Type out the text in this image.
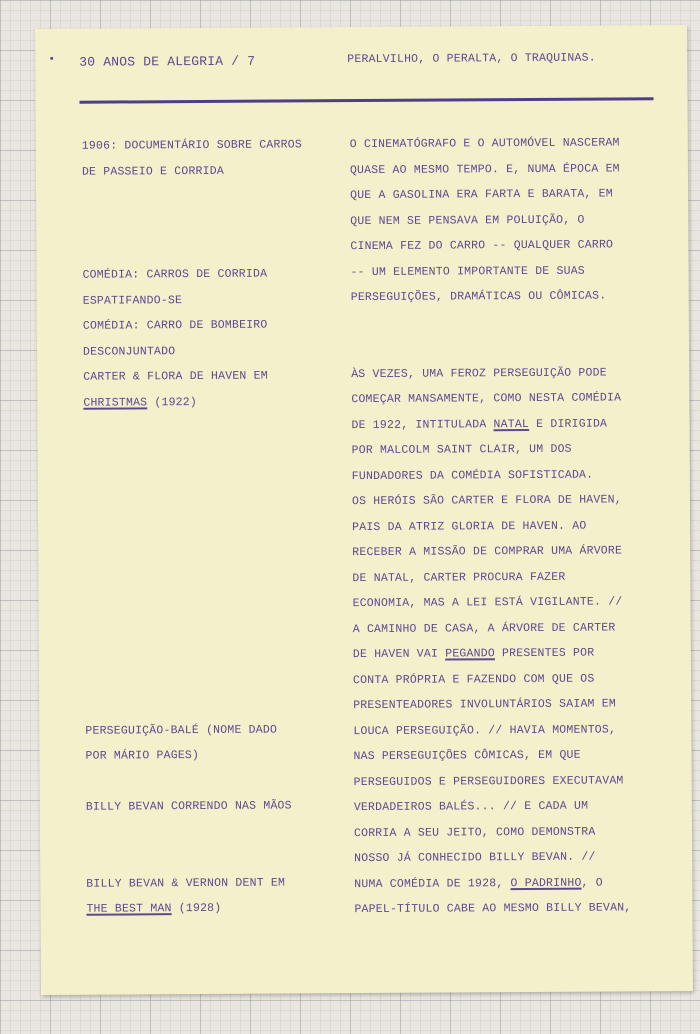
30 ANOS DE ALEGRIA / 7	PERALVILHO, O PERALTA, O TRAQUINAS.
1906: DOCUMENTÁRIO SOBRE CARROS
DE PASSEIO E CORRIDA
COMÉDIA: CARROS DE CORRIDA
ESPATIFANDO-SE
COMÉDIA: CARRO DE BOMBEIRO
DESCONJUNTADO
CARTER & FLORA DE HAVEN EM
CHRISTMAS (1922)
PERSEGUIÇÃO-BALÉ (NOME DADO
POR MÁRIO PAGES)
BILLY BEVAN CORRENDO NAS MÃOS
BILLY BEVAN & VERNON DENT EM
THE BEST MAN (1928)
O CINEMATÓGRAFO E O AUTOMÓVEL NASCERAM
QUASE AO MESMO TEMPO. E, NUMA ÉPOCA EM
QUE A GASOLINA ERA FARTA E BARATA, EM
QUE NEM SE PENSAVA EM POLUIÇÃO, O
CINEMA FEZ DO CARRO -- QUALQUER CARRO
-- UM ELEMENTO IMPORTANTE DE SUAS
PERSEGUIÇÕES, DRAMÁTICAS OU CÔMICAS.
ÀS VEZES, UMA FEROZ PERSEGUIÇÃO PODE
COMEÇAR MANSAMENTE, COMO NESTA COMÉDIA
DE 1922, INTITULADA NATAL E DIRIGIDA
POR MALCOLM SAINT CLAIR, UM DOS
FUNDADORES DA COMÉDIA SOFISTICADA.
OS HERÓIS SÃO CARTER E FLORA DE HAVEN,
PAIS DA ATRIZ GLORIA DE HAVEN. AO
RECEBER A MISSÃO DE COMPRAR UMA ÁRVORE
DE NATAL, CARTER PROCURA FAZER
ECONOMIA, MAS A LEI ESTÁ VIGILANTE. //
A CAMINHO DE CASA, A ÁRVORE DE CARTER
DE HAVEN VAI PEGANDO PRESENTES POR
CONTA PRÓPRIA E FAZENDO COM QUE OS
PRESENTEADORES INVOLUNTÁRIOS SAIAM EM
LOUCA PERSEGUIÇÃO. // HAVIA MOMENTOS,
NAS PERSEGUIÇÕES CÔMICAS, EM QUE
PERSEGUIDOS E PERSEGUIDORES EXECUTAVAM
VERDADEIROS BALÉS... // E CADA UM
CORRIA A SEU JEITO, COMO DEMONSTRA
NOSSO JÁ CONHECIDO BILLY BEVAN. //
NUMA COMÉDIA DE 1928, O PADRINHO, O
PAPEL-TÍTULO CABE AO MESMO BILLY BEVAN,
